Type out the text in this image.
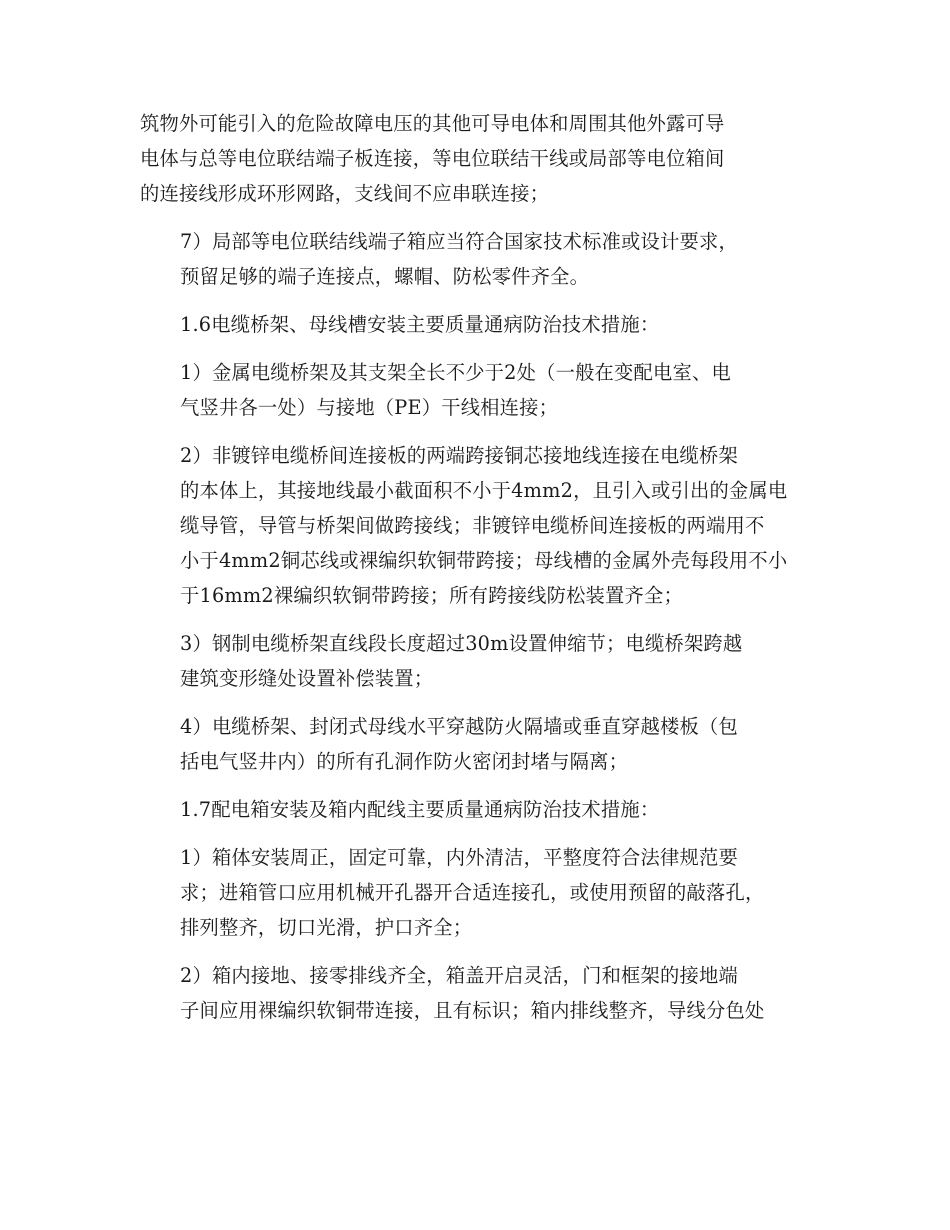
筑物外可能引入的危险故障电压的其他可导电体和周围其他外露可导
电体与总等电位联结端子板连接，等电位联结干线或局部等电位箱间
的连接线形成环形网路，支线间不应串联连接；

7）局部等电位联结线端子箱应当符合国家技术标准或设计要求，
预留足够的端子连接点，螺帽、防松零件齐全。

1.6电缆桥架、母线槽安装主要质量通病防治技术措施：

1）金属电缆桥架及其支架全长不少于2处（一般在变配电室、电
气竖井各一处）与接地（PE）干线相连接；

2）非镀锌电缆桥间连接板的两端跨接铜芯接地线连接在电缆桥架
的本体上，其接地线最小截面积不小于4mm2，且引入或引出的金属电
缆导管，导管与桥架间做跨接线；非镀锌电缆桥间连接板的两端用不
小于4mm2铜芯线或裸编织软铜带跨接；母线槽的金属外壳每段用不小
于16mm2裸编织软铜带跨接；所有跨接线防松装置齐全；

3）钢制电缆桥架直线段长度超过30m设置伸缩节；电缆桥架跨越
建筑变形缝处设置补偿装置；

4）电缆桥架、封闭式母线水平穿越防火隔墙或垂直穿越楼板（包
括电气竖井内）的所有孔洞作防火密闭封堵与隔离；

1.7配电箱安装及箱内配线主要质量通病防治技术措施：

1）箱体安装周正，固定可靠，内外清洁，平整度符合法律规范要
求；进箱管口应用机械开孔器开合适连接孔，或使用预留的敲落孔，
排列整齐，切口光滑，护口齐全；

2）箱内接地、接零排线齐全，箱盖开启灵活，门和框架的接地端
子间应用裸编织软铜带连接，且有标识；箱内排线整齐，导线分色处
